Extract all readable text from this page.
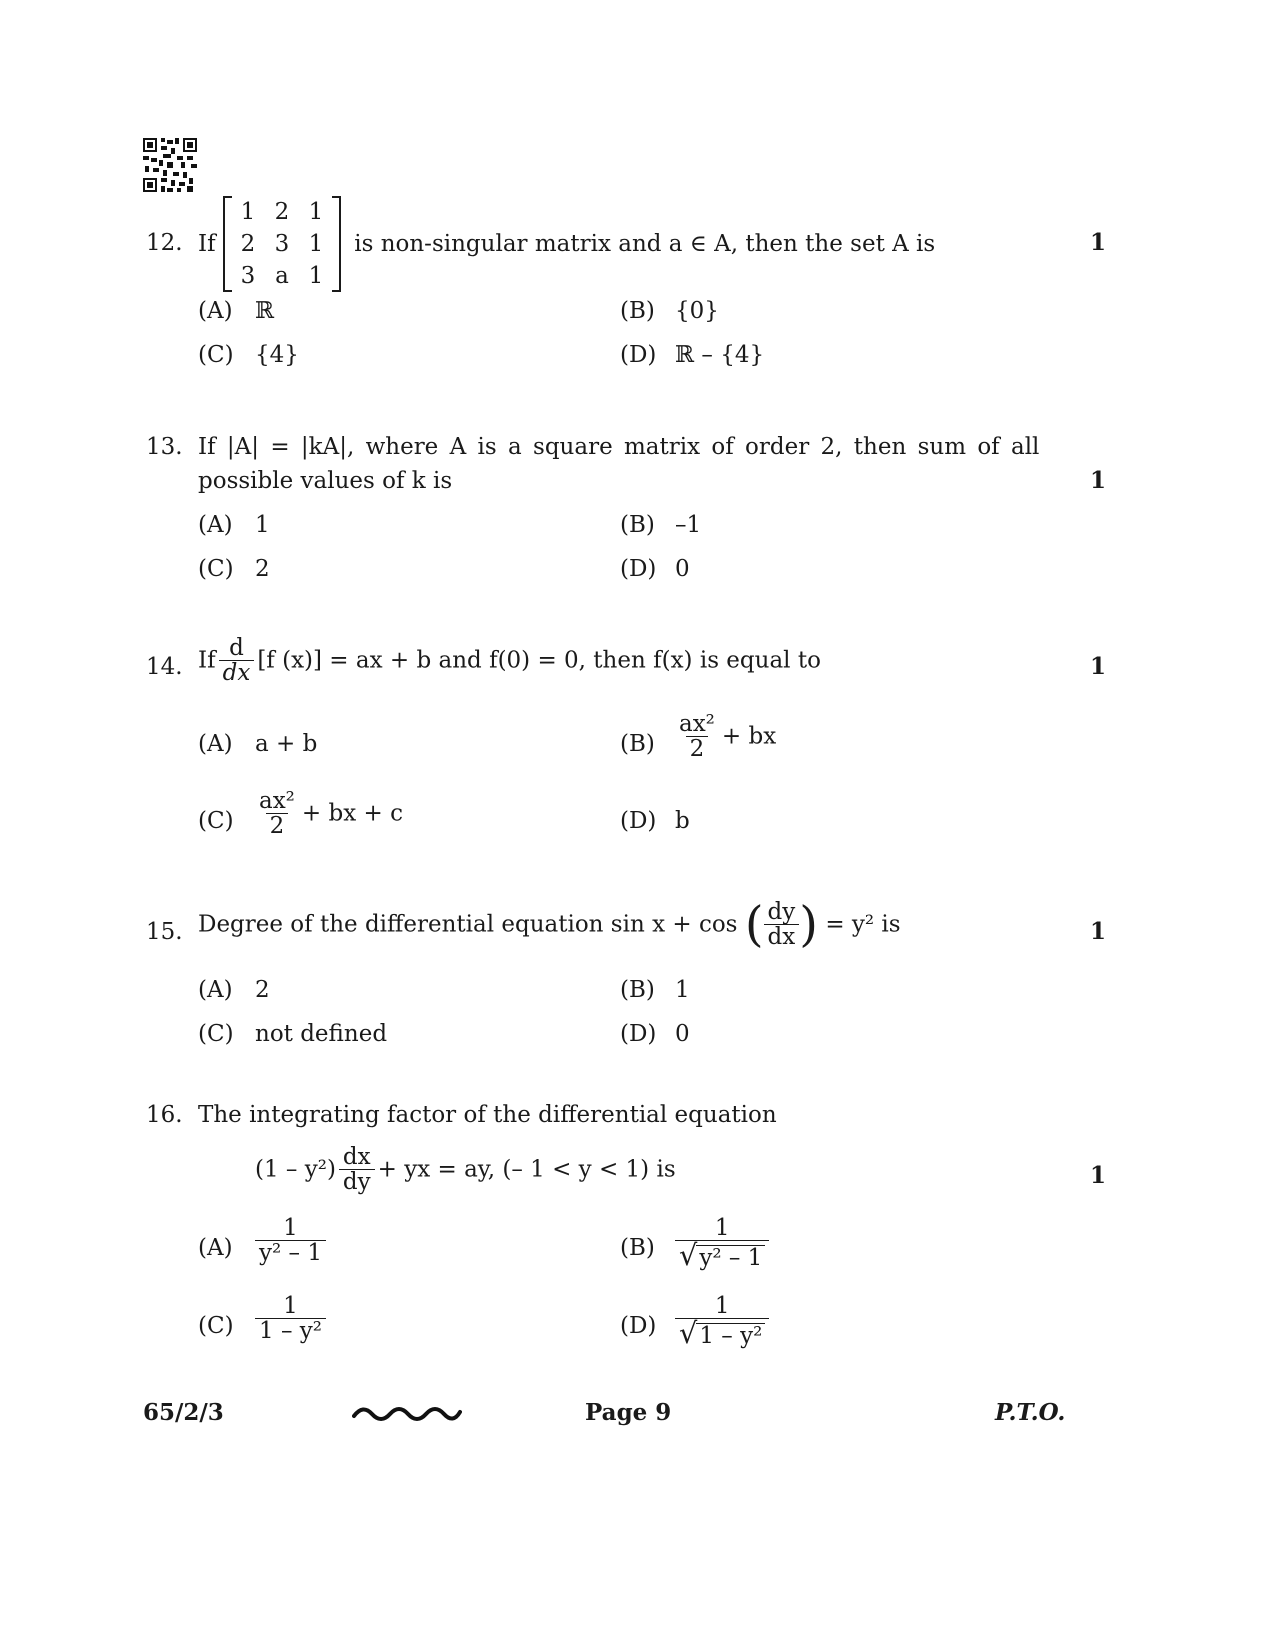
12. If
1 2 1
2 3 1
3 a 1
is non-singular matrix and a ∈ A, then the set A is	1
(A) ℝ	(B) {0}
(C) {4}	(D) ℝ – {4}
13. If |A| = |kA|, where A is a square matrix of order 2, then sum of all
possible values of k is	1
(A) 1	(B) –1
(C) 2	(D) 0
14. If $\frac{d}{dx} [f$ (x)] = ax + b and f(0) = 0, then f(x) is equal to	1
(A) a + b	$(B) \frac{\text{ax²}}{2}$ + bx
$(C) \frac{\text{ax²}}{2}$ + bx + c	(D) b
15. Degree of the differential equation sin x + cos ( $\frac{dy}{dx}$ ) = y² is	1
(A) 2	(B) 1
(C) not defined	(D) 0
16. The integrating factor of the differential equation
$(1 - y^2) \frac{dx}{dy}$ + yx = ay, (– 1 < y < 1) is	1
$(A) \frac{1}{\text{y² – 1}}$	$(B) \frac{1}{\text{√ y² – 1}}$
$(C) \frac{1}{\text{1 – y²}}$	$(D) \frac{1}{\text{√ 1 – y²}}$
65/2/3	Page 9	P.T.O.
